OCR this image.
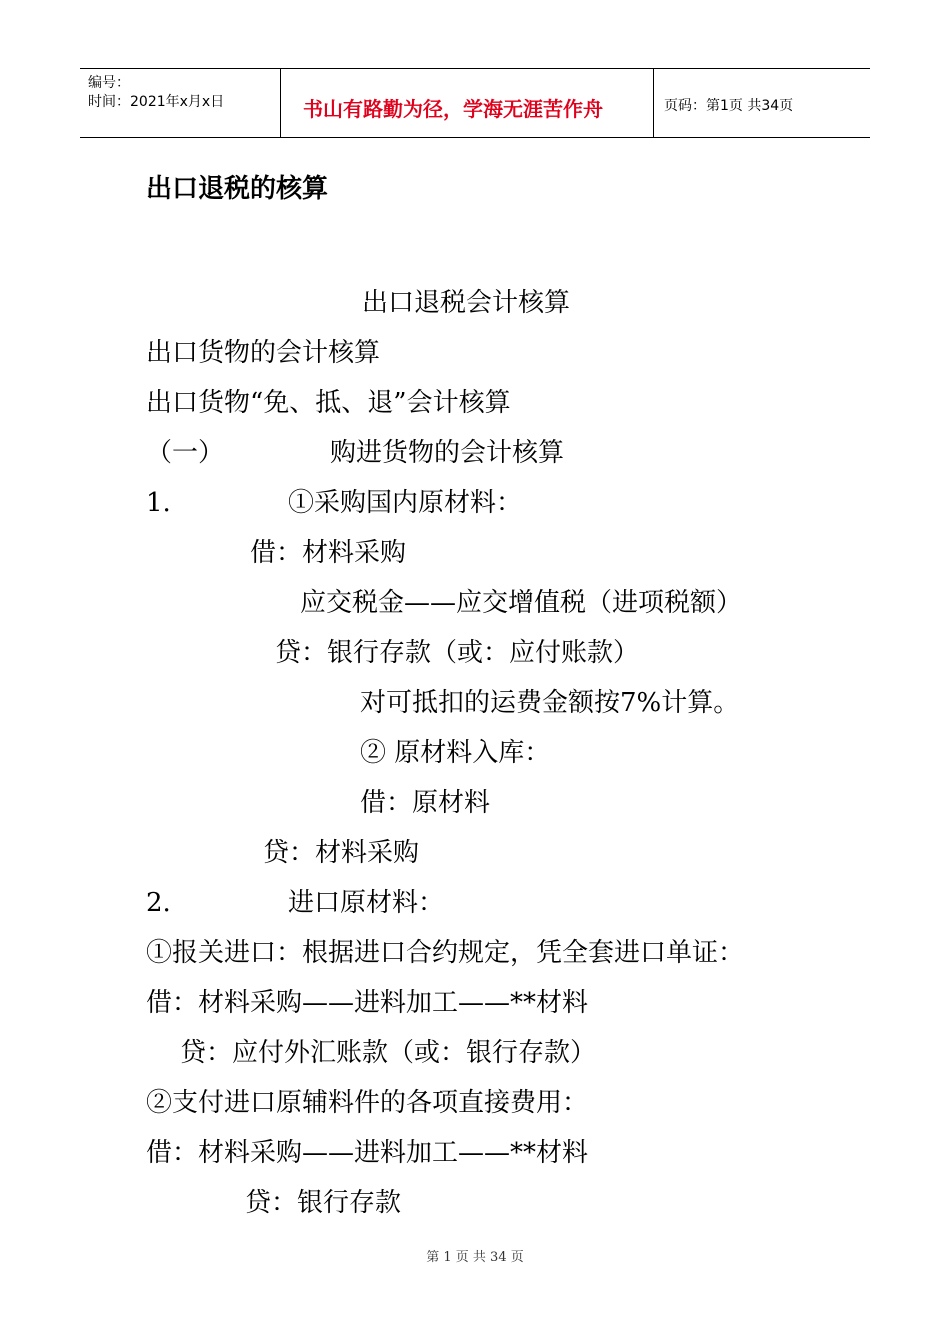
编号：
时间：2021年x月x日	书山有路勤为径，学海无涯苦作舟	页码：第1页 共34页
出口退税的核算
出口退税会计核算
出口货物的会计核算
出口货物“免、抵、退”会计核算
（一）	购进货物的会计核算
1.	①采购国内原材料：
借：材料采购
应交税金——应交增值税（进项税额）
贷：银行存款（或：应付账款）
对可抵扣的运费金额按7%计算。
② 原材料入库：
借：原材料
贷：材料采购
2.	进口原材料：
①报关进口：根据进口合约规定，凭全套进口单证：
借：材料采购——进料加工——**材料
贷：应付外汇账款（或：银行存款）
②支付进口原辅料件的各项直接费用：
借：材料采购——进料加工——**材料
贷：银行存款
第 1 页 共 34 页
